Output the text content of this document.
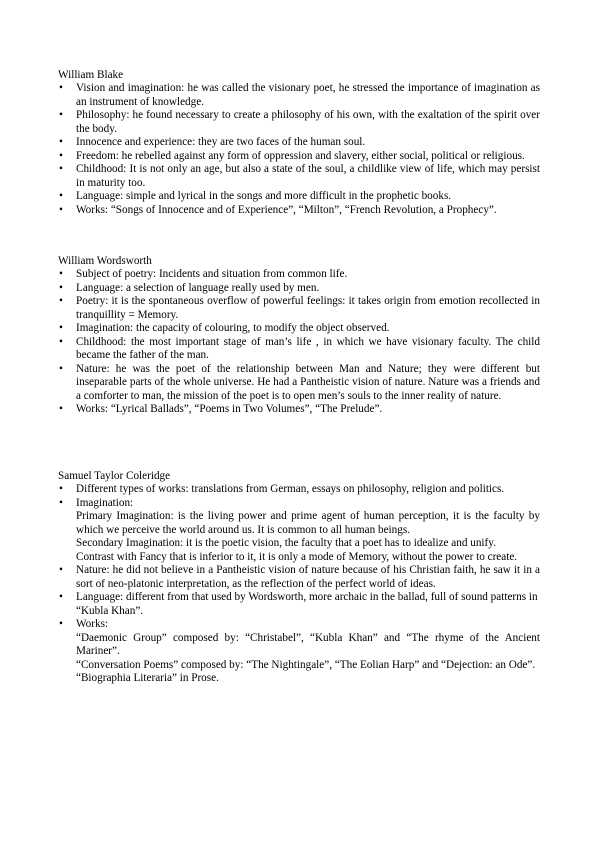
William Blake

•	Vision and imagination: he was called the visionary poet, he stressed the importance of imagination as an instrument of knowledge.
•	Philosophy: he found necessary to create a philosophy of his own, with the exaltation of the spirit over the body.
•	Innocence and experience: they are two faces of the human soul.
•	Freedom: he rebelled against any form of oppression and slavery, either social, political or religious.
•	Childhood: It is not only an age, but also a state of the soul, a childlike view of life, which may persist in maturity too.
•	Language: simple and lyrical in the songs and more difficult in the prophetic books.
•	Works: “Songs of Innocence and of Experience”, “Milton”, “French Revolution, a Prophecy”.

William Wordsworth

•	Subject of poetry: Incidents and situation from common life.
•	Language: a selection of language really used by men.
•	Poetry: it is the spontaneous overflow of powerful feelings: it takes origin from emotion recollected in tranquillity = Memory.
•	Imagination: the capacity of colouring, to modify the object observed.
•	Childhood: the most important stage of man’s life , in which we have visionary faculty. The child became the father of the man.
•	Nature: he was the poet of the relationship between Man and Nature; they were different but inseparable parts of the whole universe. He had a Pantheistic vision of nature. Nature was a friends and a comforter to man, the mission of the poet is to open men’s souls to the inner reality of nature.
•	Works: “Lyrical Ballads”, “Poems in Two Volumes”, “The Prelude”.

Samuel Taylor Coleridge

•	Different types of works: translations from German, essays on philosophy, religion and politics.
•	Imagination:
Primary Imagination: is the living power and prime agent of human perception, it is the faculty by which we perceive the world around us. It is common to all human beings.
Secondary Imagination: it is the poetic vision, the faculty that a poet has to idealize and unify.
Contrast with Fancy that is inferior to it, it is only a mode of Memory, without the power to create.
•	Nature: he did not believe in a Pantheistic vision of nature because of his Christian faith, he saw it in a sort of neo-platonic interpretation, as the reflection of the perfect world of ideas.
•	Language: different from that used by Wordsworth, more archaic in the ballad, full of sound patterns in “Kubla Khan”.
•	Works:
“Daemonic Group” composed by: “Christabel”, “Kubla Khan” and “The rhyme of the Ancient Mariner”.
“Conversation Poems” composed by: “The Nightingale”, “The Eolian Harp” and “Dejection: an Ode”.
“Biographia Literaria” in Prose.
